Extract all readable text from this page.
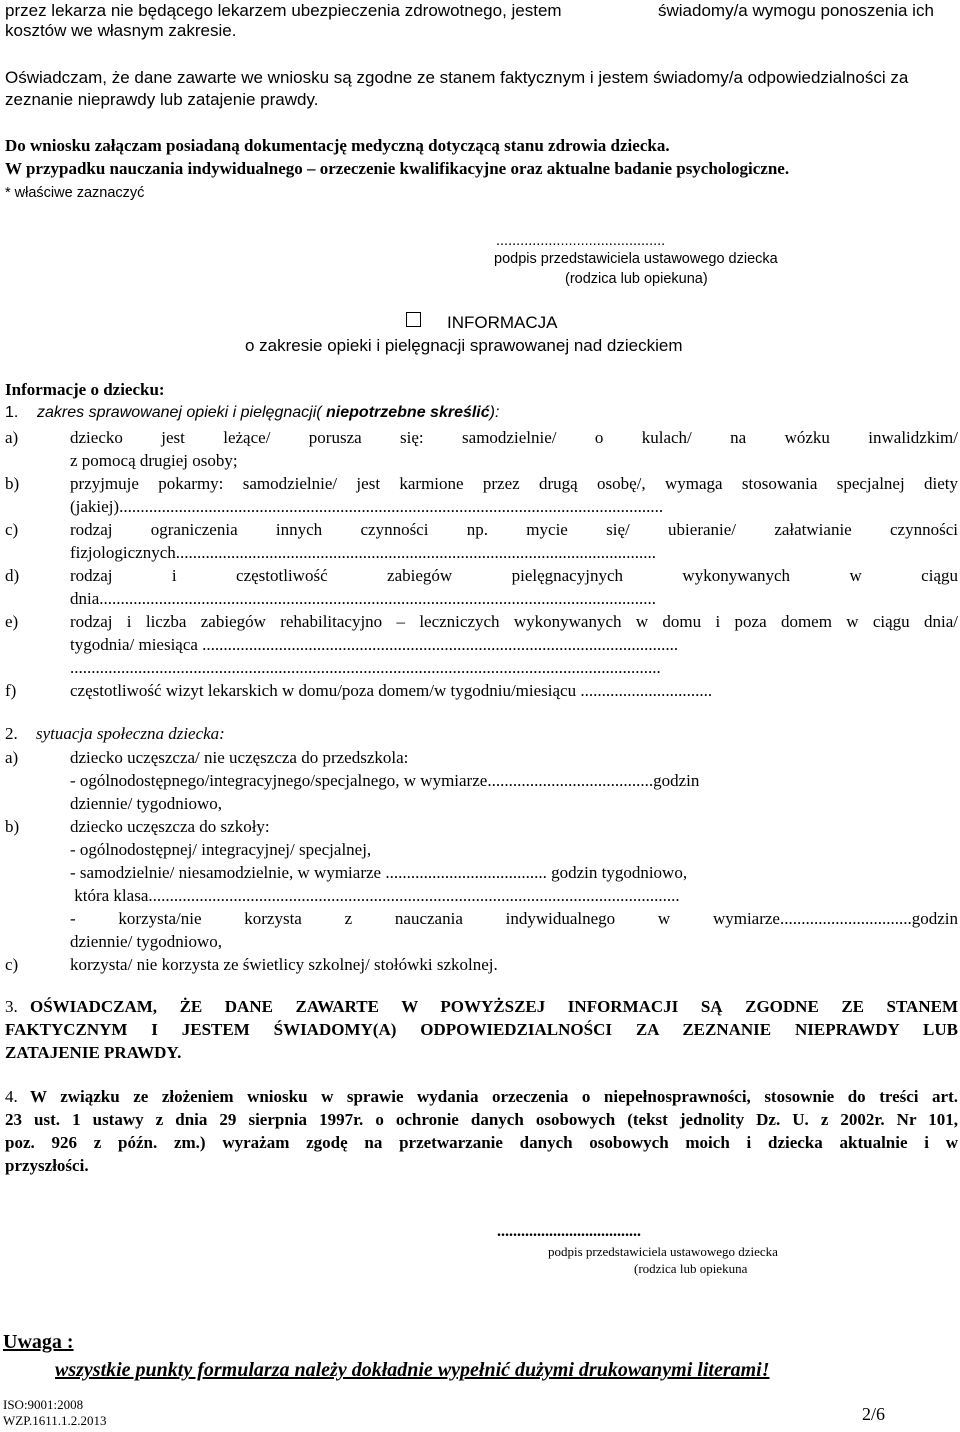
przez lekarza nie będącego lekarzem ubezpieczenia zdrowotnego, jestem
kosztów we własnym zakresie.
świadomy/a wymogu ponoszenia ich
Oświadczam, że dane zawarte we wniosku są zgodne ze stanem faktycznym i jestem świadomy/a odpowiedzialności za
zeznanie nieprawdy lub zatajenie prawdy.
Do wniosku załączam posiadaną dokumentację medyczną dotyczącą stanu zdrowia dziecka.
W przypadku nauczania indywidualnego – orzeczenie kwalifikacyjne oraz aktualne badanie psychologiczne.
* właściwe zaznaczyć
..........................................
podpis przedstawiciela ustawowego dziecka
(rodzica lub opiekuna)
INFORMACJA
o zakresie opieki i pielęgnacji sprawowanej nad dzieckiem
Informacje o dziecku:
1. zakres sprawowanej opieki i pielęgnacji( niepotrzebne skreślić):
a)	dziecko jest leżące/ porusza się: samodzielnie/ o kulach/ na wózku inwalidzkim/
z pomocą drugiej osoby;
b)	przyjmuje pokarmy: samodzielnie/ jest karmione przez drugą osobę/, wymaga stosowania specjalnej diety
(jakiej)................................................................................................................................
c)	rodzaj ograniczenia innych czynności np. mycie się/ ubieranie/ załatwianie czynności
fizjologicznych.................................................................................................................
d)	rodzaj i częstotliwość zabiegów pielęgnacyjnych wykonywanych w ciągu
dnia...................................................................................................................................
e)	rodzaj i liczba zabiegów rehabilitacyjno – leczniczych wykonywanych w domu i poza domem w ciągu dnia/
tygodnia/ miesiąca ................................................................................................................
...........................................................................................................................................
f)	częstotliwość wizyt lekarskich w domu/poza domem/w tygodniu/miesiącu ...............................
2. sytuacja społeczna dziecka:
a)	dziecko uczęszcza/ nie uczęszcza do przedszkola:
- ogólnodostępnego/integracyjnego/specjalnego, w wymiarze.......................................godzin
dziennie/ tygodniowo,
b)	dziecko uczęszcza do szkoły:
- ogólnodostępnej/ integracyjnej/ specjalnej,
- samodzielnie/ niesamodzielnie, w wymiarze ...................................... godzin tygodniowo,
która klasa.............................................................................................................................
- korzysta/nie korzysta z nauczania indywidualnego w wymiarze...............................godzin
dziennie/ tygodniowo,
c)	korzysta/ nie korzysta ze świetlicy szkolnej/ stołówki szkolnej.
3. OŚWIADCZAM, ŻE DANE ZAWARTE W POWYŻSZEJ INFORMACJI SĄ ZGODNE ZE STANEM
FAKTYCZNYM I JESTEM ŚWIADOMY(A) ODPOWIEDZIALNOŚCI ZA ZEZNANIE NIEPRAWDY LUB
ZATAJENIE PRAWDY.
4. W związku ze złożeniem wniosku w sprawie wydania orzeczenia o niepełnosprawności, stosownie do treści art.
23 ust. 1 ustawy z dnia 29 sierpnia 1997r. o ochronie danych osobowych (tekst jednolity Dz. U. z 2002r. Nr 101,
poz. 926 z późn. zm.) wyrażam zgodę na przetwarzanie danych osobowych moich i dziecka aktualnie i w
przyszłości.
....................................
podpis przedstawiciela ustawowego dziecka
(rodzica lub opiekuna
Uwaga :
wszystkie punkty formularza należy dokładnie wypełnić dużymi drukowanymi literami!
ISO:9001:2008
WZP.1611.1.2.2013	2/6
